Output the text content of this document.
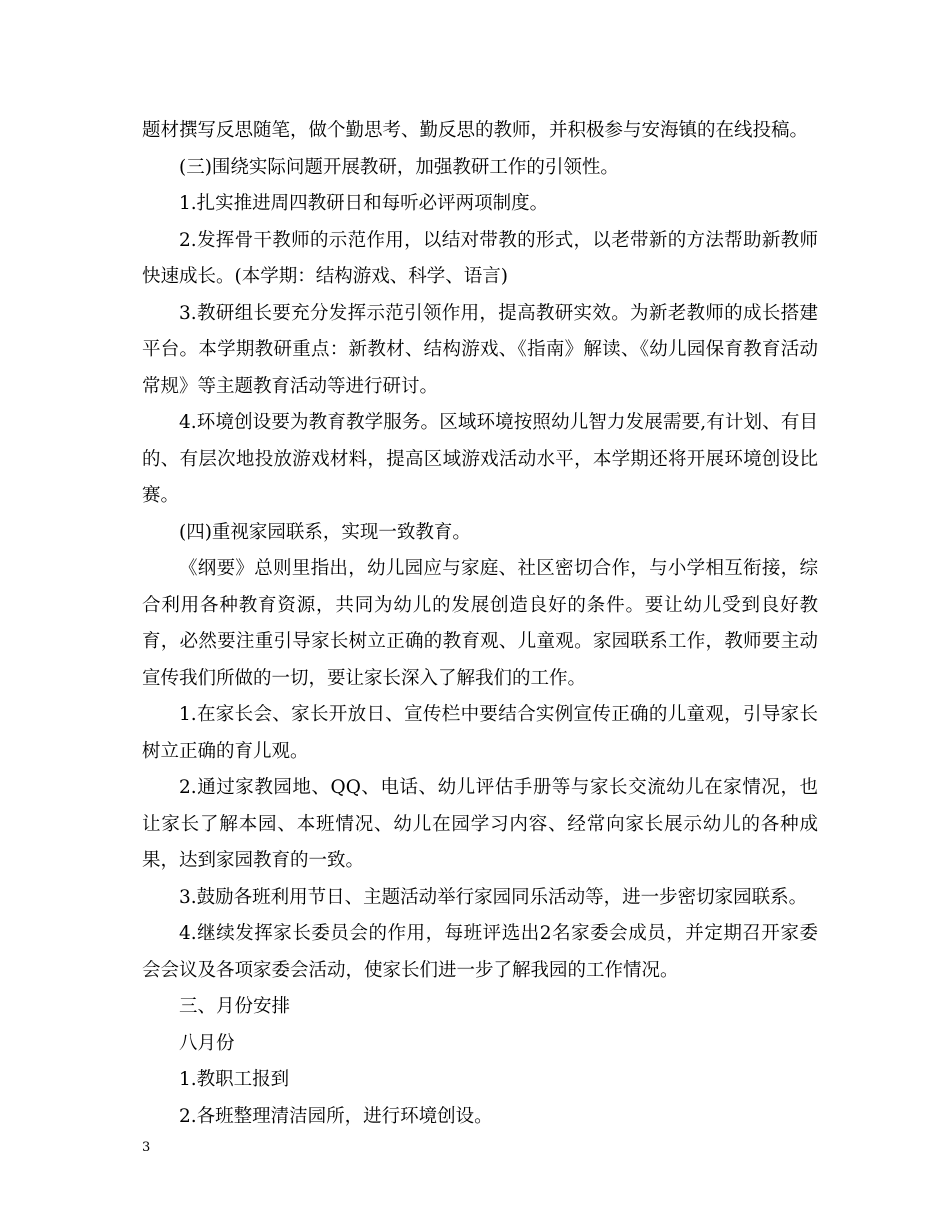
题材撰写反思随笔，做个勤思考、勤反思的教师，并积极参与安海镇的在线投稿。

(三)围绕实际问题开展教研，加强教研工作的引领性。

1.扎实推进周四教研日和每听必评两项制度。

2.发挥骨干教师的示范作用，以结对带教的形式，以老带新的方法帮助新教师快速成长。(本学期：结构游戏、科学、语言)

3.教研组长要充分发挥示范引领作用，提高教研实效。为新老教师的成长搭建平台。本学期教研重点：新教材、结构游戏、《指南》解读、《幼儿园保育教育活动常规》等主题教育活动等进行研讨。

4.环境创设要为教育教学服务。区域环境按照幼儿智力发展需要,有计划、有目的、有层次地投放游戏材料，提高区域游戏活动水平，本学期还将开展环境创设比赛。

(四)重视家园联系，实现一致教育。

《纲要》总则里指出，幼儿园应与家庭、社区密切合作，与小学相互衔接，综合利用各种教育资源，共同为幼儿的发展创造良好的条件。要让幼儿受到良好教育，必然要注重引导家长树立正确的教育观、儿童观。家园联系工作，教师要主动宣传我们所做的一切，要让家长深入了解我们的工作。

1.在家长会、家长开放日、宣传栏中要结合实例宣传正确的儿童观，引导家长树立正确的育儿观。

2.通过家教园地、QQ、电话、幼儿评估手册等与家长交流幼儿在家情况，也让家长了解本园、本班情况、幼儿在园学习内容、经常向家长展示幼儿的各种成果，达到家园教育的一致。

3.鼓励各班利用节日、主题活动举行家园同乐活动等，进一步密切家园联系。

4.继续发挥家长委员会的作用，每班评选出2名家委会成员，并定期召开家委会会议及各项家委会活动，使家长们进一步了解我园的工作情况。

三、月份安排

八月份

1.教职工报到

2.各班整理清洁园所，进行环境创设。

3
